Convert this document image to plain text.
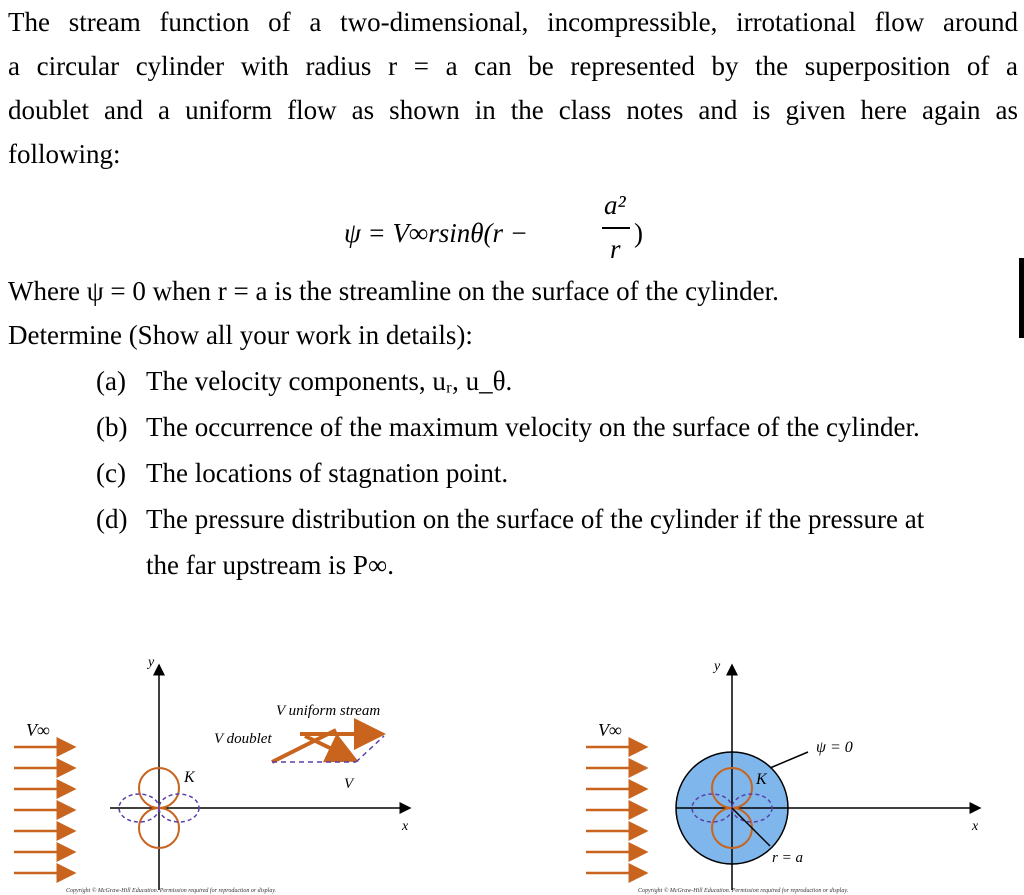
The stream function of a two-dimensional, incompressible, irrotational flow around
a circular cylinder with radius r = a can be represented by the superposition of a
doublet and a uniform flow as shown in the class notes and is given here again as
following:
ψ = V∞rsinθ(r −
a²
r
)
Where ψ = 0 when r = a is the streamline on the surface of the cylinder.
Determine (Show all your work in details):
(a) The velocity components, uᵣ, u_θ.
(b) The occurrence of the maximum velocity on the surface of the cylinder.
(c) The locations of stagnation point.
(d) The pressure distribution on the surface of the cylinder if the pressure at
the far upstream is P∞.
V∞
y
x
K
V uniform stream
V doublet
V
Copyright © McGraw-Hill Education. Permission required for reproduction or display.
V∞
y
x
K
ψ = 0
r = a
Copyright © McGraw-Hill Education. Permission required for reproduction or display.
